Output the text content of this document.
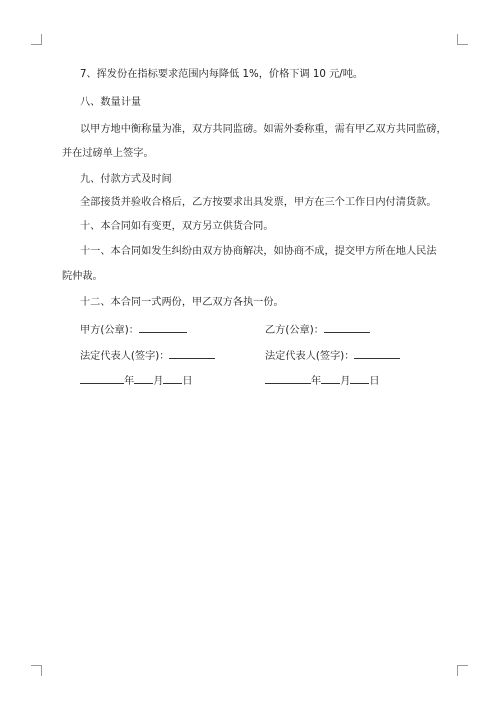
7、挥发份在指标要求范围内每降低 1%，价格下调 10 元/吨。
八、数量计量
以甲方地中衡称量为准，双方共同监磅。如需外委称重，需有甲乙双方共同监磅，
并在过磅单上签字。
九、付款方式及时间
全部接货并验收合格后，乙方按要求出具发票，甲方在三个工作日内付清货款。
十、本合同如有变更，双方另立供货合同。
十一、本合同如发生纠纷由双方协商解决，如协商不成，提交甲方所在地人民法
院仲裁。
十二、本合同一式两份，甲乙双方各执一份。
甲方(公章)：	乙方(公章)：
法定代表人(签字)：	法定代表人(签字)：
年 月 日	年 月 日
